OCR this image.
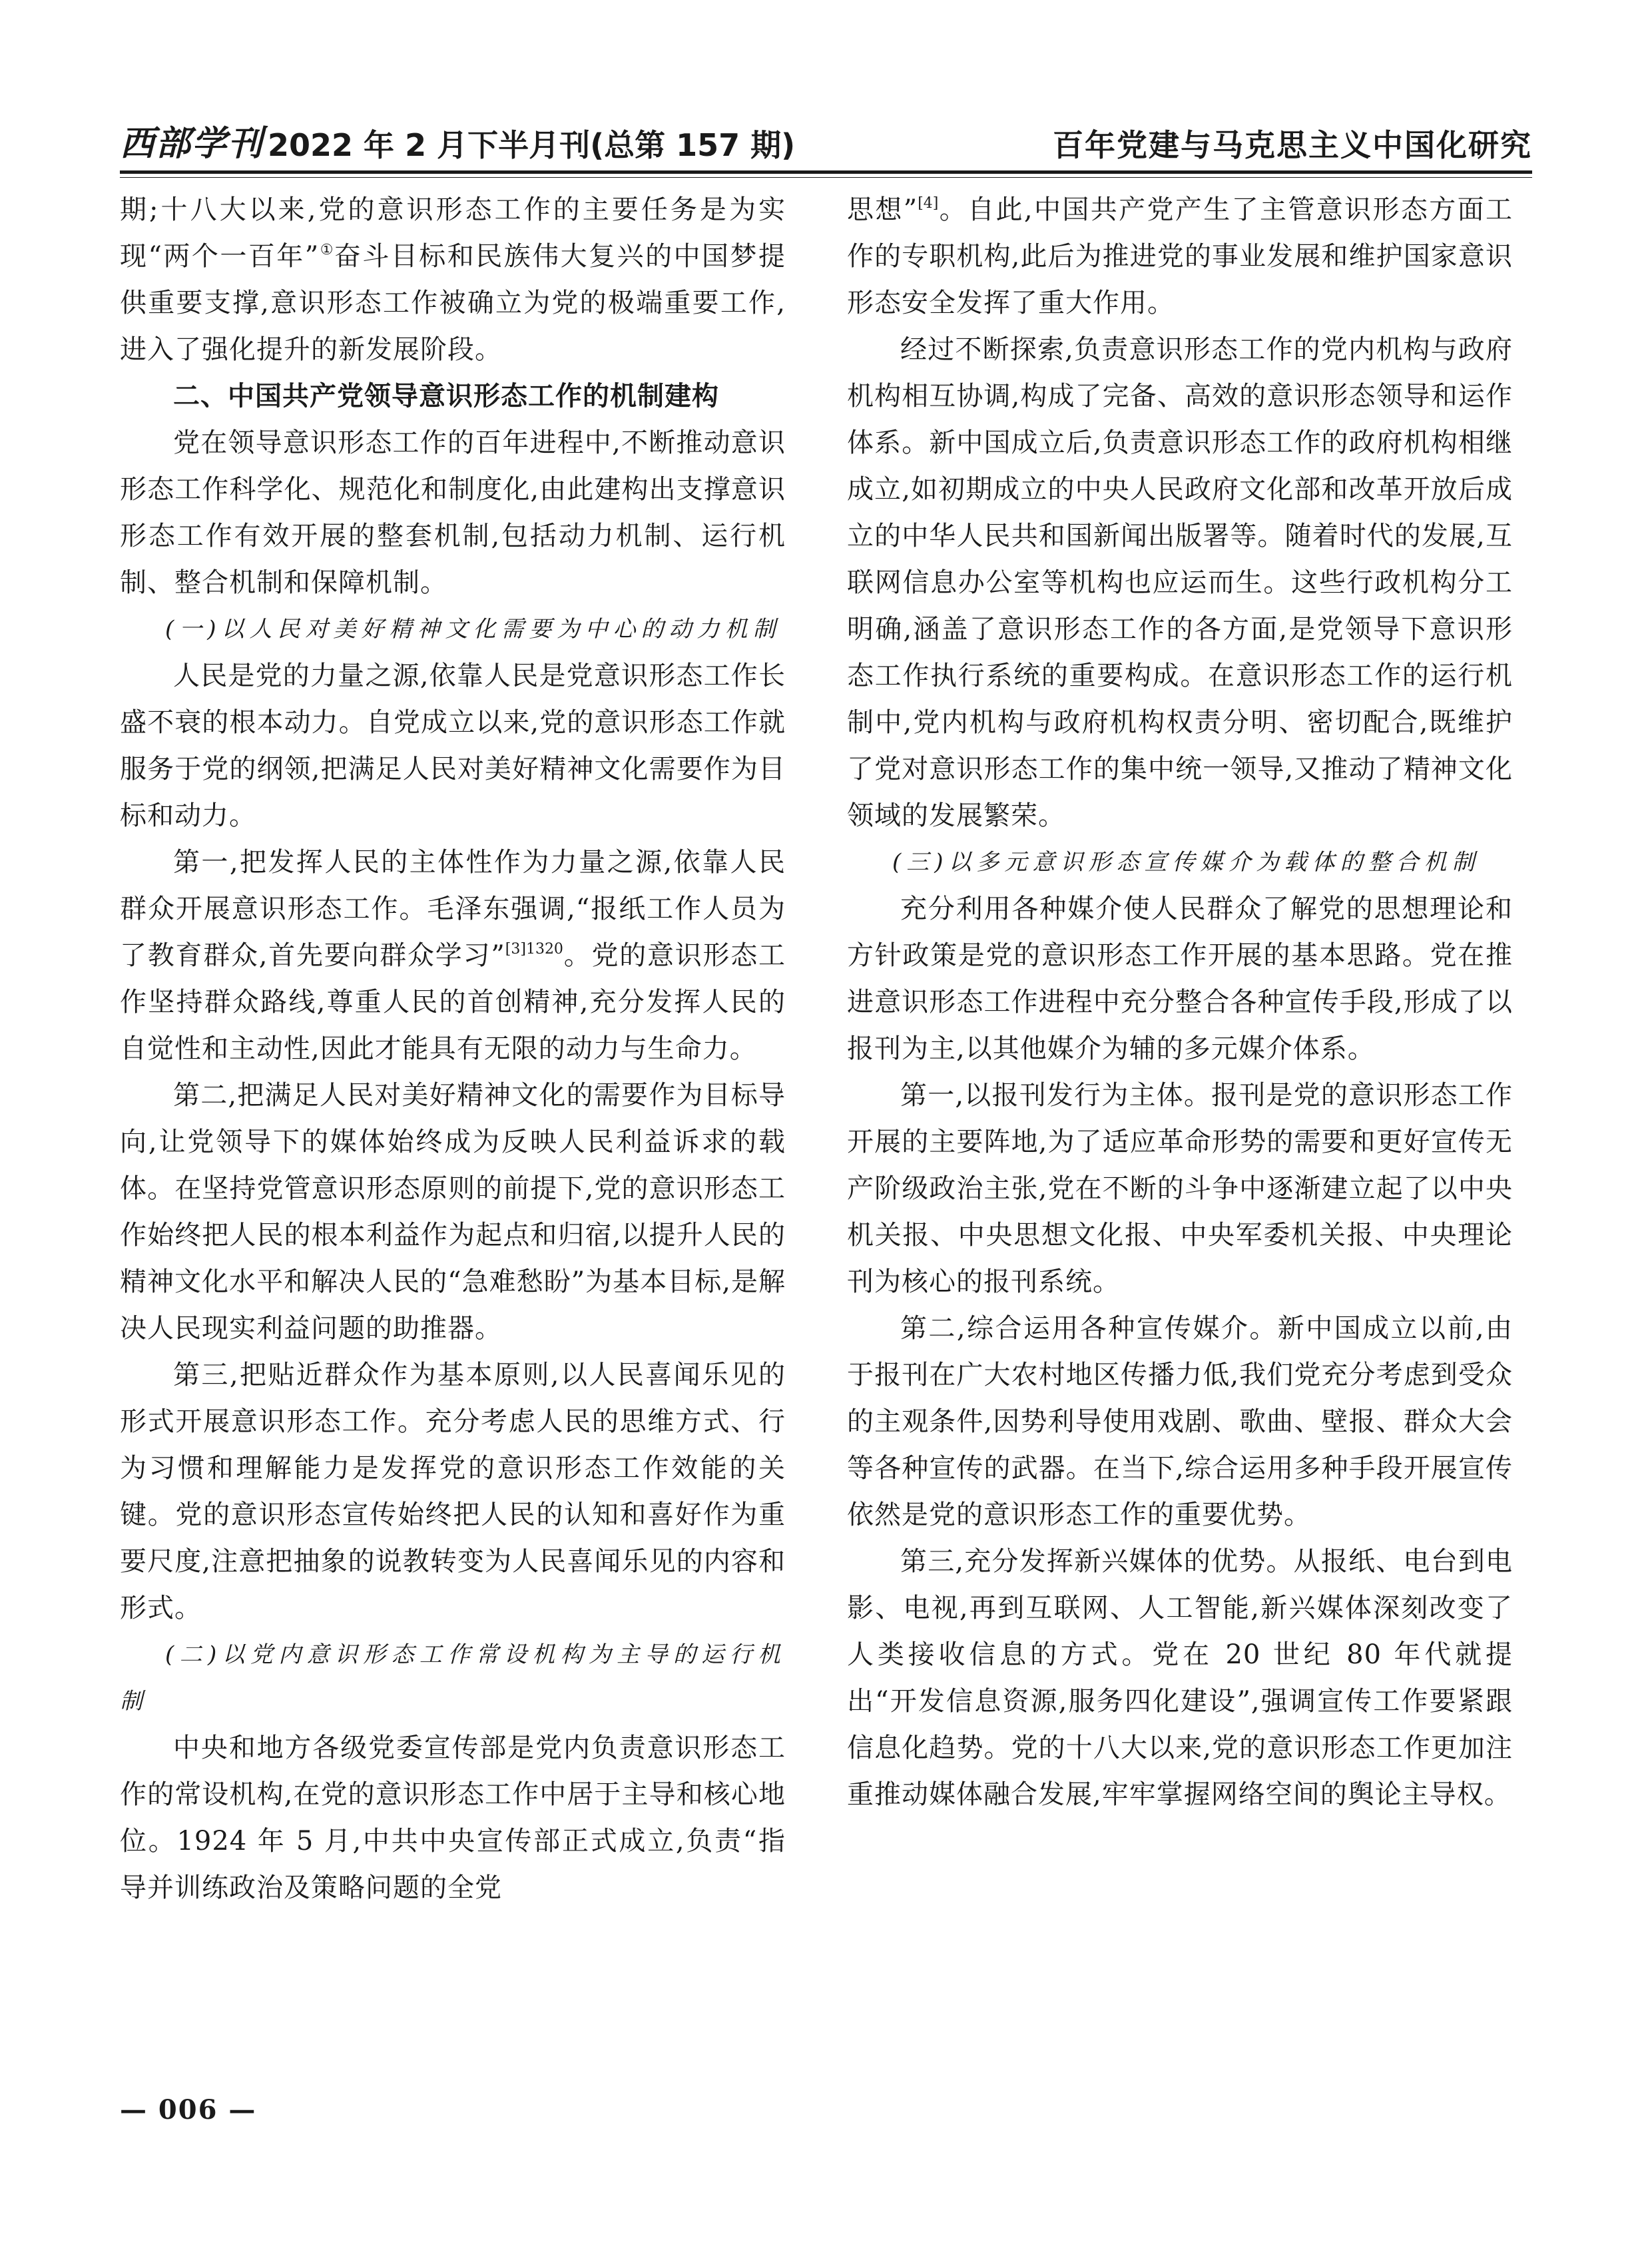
西部学刊 2022 年 2 月下半月刊(总第 157 期)	百年党建与马克思主义中国化研究

期;十八大以来,党的意识形态工作的主要任务是为实现“两个一百年”①奋斗目标和民族伟大复兴的中国梦提供重要支撑,意识形态工作被确立为党的极端重要工作,进入了强化提升的新发展阶段。

二、中国共产党领导意识形态工作的机制建构

党在领导意识形态工作的百年进程中,不断推动意识形态工作科学化、规范化和制度化,由此建构出支撑意识形态工作有效开展的整套机制,包括动力机制、运行机制、整合机制和保障机制。

(一)以人民对美好精神文化需要为中心的动力机制

人民是党的力量之源,依靠人民是党意识形态工作长盛不衰的根本动力。自党成立以来,党的意识形态工作就服务于党的纲领,把满足人民对美好精神文化需要作为目标和动力。

第一,把发挥人民的主体性作为力量之源,依靠人民群众开展意识形态工作。毛泽东强调,“报纸工作人员为了教育群众,首先要向群众学习”$^{[3]1320}$。党的意识形态工作坚持群众路线,尊重人民的首创精神,充分发挥人民的自觉性和主动性,因此才能具有无限的动力与生命力。

第二,把满足人民对美好精神文化的需要作为目标导向,让党领导下的媒体始终成为反映人民利益诉求的载体。在坚持党管意识形态原则的前提下,党的意识形态工作始终把人民的根本利益作为起点和归宿,以提升人民的精神文化水平和解决人民的“急难愁盼”为基本目标,是解决人民现实利益问题的助推器。

第三,把贴近群众作为基本原则,以人民喜闻乐见的形式开展意识形态工作。充分考虑人民的思维方式、行为习惯和理解能力是发挥党的意识形态工作效能的关键。党的意识形态宣传始终把人民的认知和喜好作为重要尺度,注意把抽象的说教转变为人民喜闻乐见的内容和形式。

(二)以党内意识形态工作常设机构为主导的运行机制

中央和地方各级党委宣传部是党内负责意识形态工作的常设机构,在党的意识形态工作中居于主导和核心地位。1924 年 5 月,中共中央宣传部正式成立,负责“指导并训练政治及策略问题的全党

思想”[4]。自此,中国共产党产生了主管意识形态方面工作的专职机构,此后为推进党的事业发展和维护国家意识形态安全发挥了重大作用。

经过不断探索,负责意识形态工作的党内机构与政府机构相互协调,构成了完备、高效的意识形态领导和运作体系。新中国成立后,负责意识形态工作的政府机构相继成立,如初期成立的中央人民政府文化部和改革开放后成立的中华人民共和国新闻出版署等。随着时代的发展,互联网信息办公室等机构也应运而生。这些行政机构分工明确,涵盖了意识形态工作的各方面,是党领导下意识形态工作执行系统的重要构成。在意识形态工作的运行机制中,党内机构与政府机构权责分明、密切配合,既维护了党对意识形态工作的集中统一领导,又推动了精神文化领域的发展繁荣。

(三)以多元意识形态宣传媒介为载体的整合机制

充分利用各种媒介使人民群众了解党的思想理论和方针政策是党的意识形态工作开展的基本思路。党在推进意识形态工作进程中充分整合各种宣传手段,形成了以报刊为主,以其他媒介为辅的多元媒介体系。

第一,以报刊发行为主体。报刊是党的意识形态工作开展的主要阵地,为了适应革命形势的需要和更好宣传无产阶级政治主张,党在不断的斗争中逐渐建立起了以中央机关报、中央思想文化报、中央军委机关报、中央理论刊为核心的报刊系统。

第二,综合运用各种宣传媒介。新中国成立以前,由于报刊在广大农村地区传播力低,我们党充分考虑到受众的主观条件,因势利导使用戏剧、歌曲、壁报、群众大会等各种宣传的武器。在当下,综合运用多种手段开展宣传依然是党的意识形态工作的重要优势。

第三,充分发挥新兴媒体的优势。从报纸、电台到电影、电视,再到互联网、人工智能,新兴媒体深刻改变了人类接收信息的方式。党在 20 世纪 80 年代就提出“开发信息资源,服务四化建设”,强调宣传工作要紧跟信息化趋势。党的十八大以来,党的意识形态工作更加注重推动媒体融合发展,牢牢掌握网络空间的舆论主导权。

— 006 —
